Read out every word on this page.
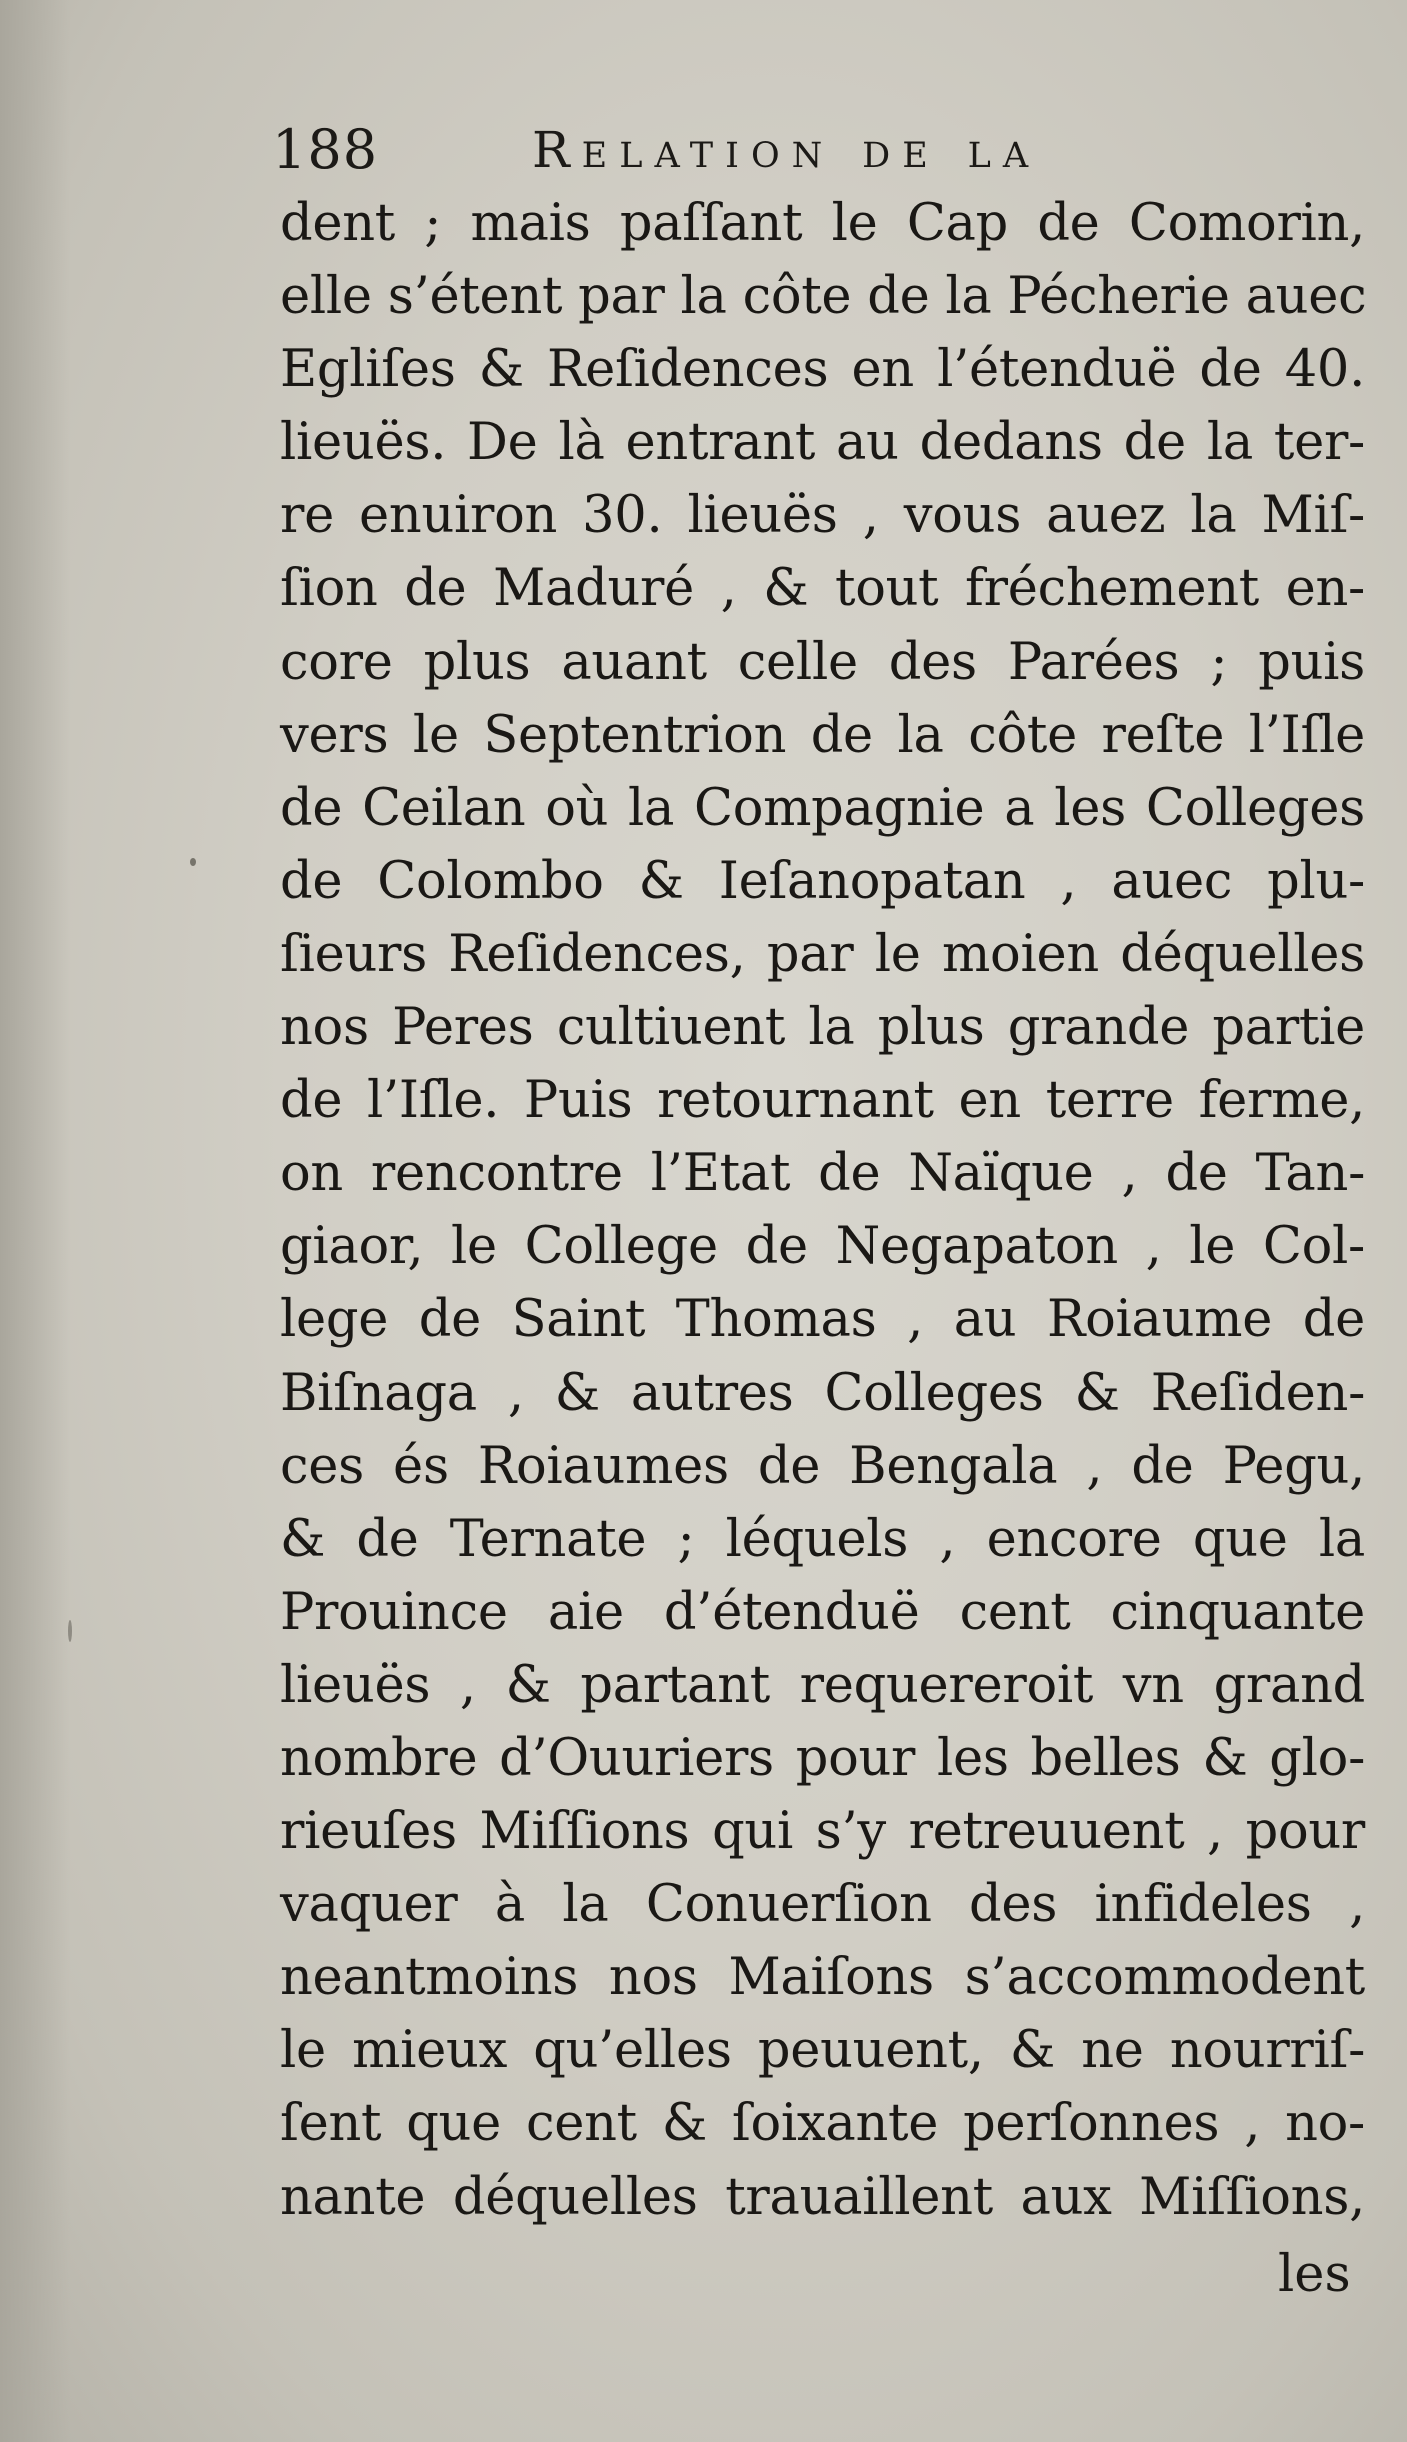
188	Relation de la
dent ; mais paſſant le Cap de Comorin,
elle s’étent par la côte de la Pécherie auec
Egliſes & Reſidences en l’étenduë de 40.
lieuës. De là entrant au dedans de la ter-
re enuiron 30. lieuës , vous auez la Miſ-
ſion de Maduré , & tout fréchement en-
core plus auant celle des Parées ; puis
vers le Septentrion de la côte reſte l’Iſle
de Ceilan où la Compagnie a les Colleges
de Colombo & Ieſanopatan , auec plu-
ſieurs Reſidences, par le moien déquelles
nos Peres cultiuent la plus grande partie
de l’Iſle. Puis retournant en terre ferme,
on rencontre l’Etat de Naïque , de Tan-
giaor, le College de Negapaton , le Col-
lege de Saint Thomas , au Roiaume de
Biſnaga , & autres Colleges & Reſiden-
ces és Roiaumes de Bengala , de Pegu,
& de Ternate ; léquels , encore que la
Prouince aie d’étenduë cent cinquante
lieuës , & partant requereroit vn grand
nombre d’Ouuriers pour les belles & glo-
rieuſes Miſſions qui s’y retreuuent , pour
vaquer à la Conuerſion des infideles ,
neantmoins nos Maiſons s’accommodent
le mieux qu’elles peuuent, & ne nourriſ-
ſent que cent & ſoixante perſonnes , no-
nante déquelles trauaillent aux Miſſions,
les
